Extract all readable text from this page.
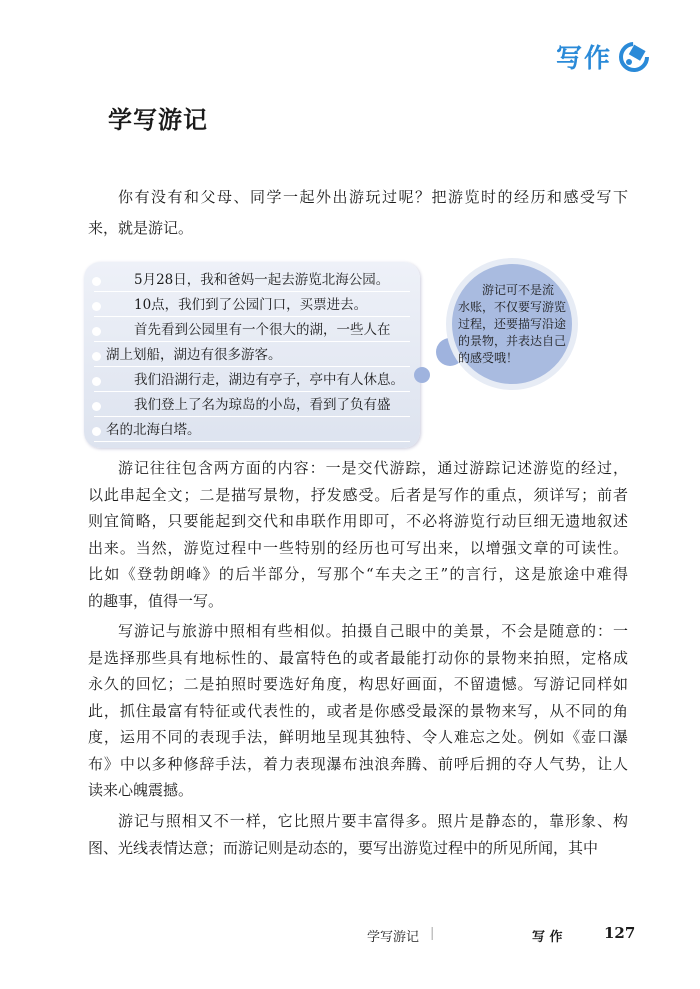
写作
学写游记
你有没有和父母、同学一起外出游玩过呢？把游览时的经历和感受写下
来，就是游记。
5月28日，我和爸妈一起去游览北海公园。
10点，我们到了公园门口，买票进去。
首先看到公园里有一个很大的湖，一些人在
湖上划船，湖边有很多游客。
我们沿湖行走，湖边有亭子，亭中有人休息。
我们登上了名为琼岛的小岛，看到了负有盛
名的北海白塔。
游记可不是流
水账，不仅要写游览
过程，还要描写沿途
的景物，并表达自己
的感受哦！
游记往往包含两方面的内容：一是交代游踪，通过游踪记述游览的经过，
以此串起全文；二是描写景物，抒发感受。后者是写作的重点，须详写；前者
则宜简略，只要能起到交代和串联作用即可，不必将游览行动巨细无遗地叙述
出来。当然，游览过程中一些特别的经历也可写出来，以增强文章的可读性。
比如《登勃朗峰》的后半部分，写那个“车夫之王”的言行，这是旅途中难得
的趣事，值得一写。
写游记与旅游中照相有些相似。拍摄自己眼中的美景，不会是随意的：一
是选择那些具有地标性的、最富特色的或者最能打动你的景物来拍照，定格成
永久的回忆；二是拍照时要选好角度，构思好画面，不留遗憾。写游记同样如
此，抓住最富有特征或代表性的，或者是你感受最深的景物来写，从不同的角
度，运用不同的表现手法，鲜明地呈现其独特、令人难忘之处。例如《壶口瀑
布》中以多种修辞手法，着力表现瀑布浊浪奔腾、前呼后拥的夺人气势，让人
读来心魄震撼。
游记与照相又不一样，它比照片要丰富得多。照片是静态的，靠形象、构
图、光线表情达意；而游记则是动态的，要写出游览过程中的所见所闻，其中
学写游记 |	写 作	127
